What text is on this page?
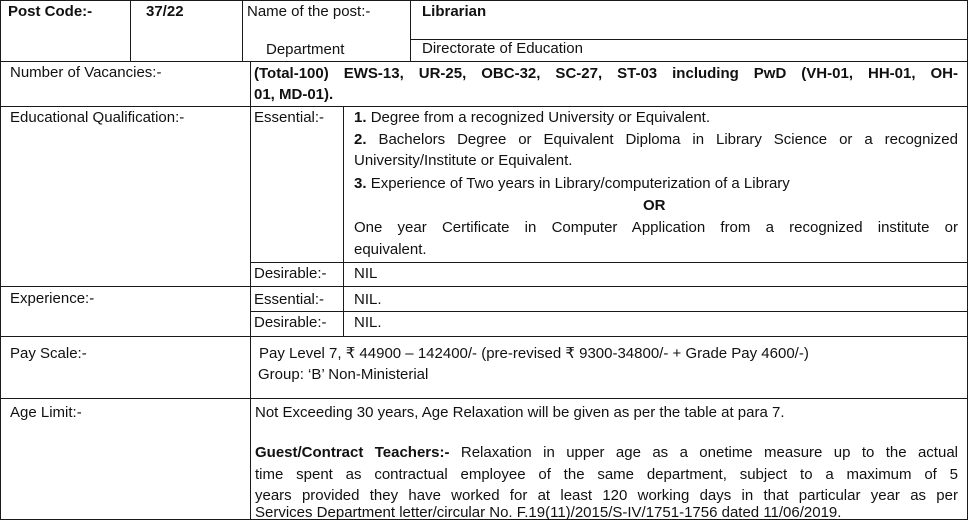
Post Code:-	37/22	Name of the post:-	Librarian
Department	Directorate of Education
Number of Vacancies:-	(Total-100) EWS-13, UR-25, OBC-32, SC-27, ST-03 including PwD (VH-01, HH-01, OH-
01, MD-01).
Educational Qualification:-	Essential:- 1. Degree from a recognized University or Equivalent.
2. Bachelors Degree or Equivalent Diploma in Library Science or a recognized
University/Institute or Equivalent.
3. Experience of Two years in Library/computerization of a Library
OR
One year Certificate in Computer Application from a recognized institute or
equivalent.
Desirable:- NIL
Experience:-	Essential:- NIL.
Desirable:- NIL.
Pay Scale:-	Pay Level 7, ₹ 44900 – 142400/- (pre-revised ₹ 9300-34800/- + Grade Pay 4600/-)
Group: ‘B’ Non-Ministerial
Age Limit:-	Not Exceeding 30 years, Age Relaxation will be given as per the table at para 7.
Guest/Contract Teachers:- Relaxation in upper age as a onetime measure up to the actual
time spent as contractual employee of the same department, subject to a maximum of 5
years provided they have worked for at least 120 working days in that particular year as per
Services Department letter/circular No. F.19(11)/2015/S-IV/1751-1756 dated 11/06/2019.
